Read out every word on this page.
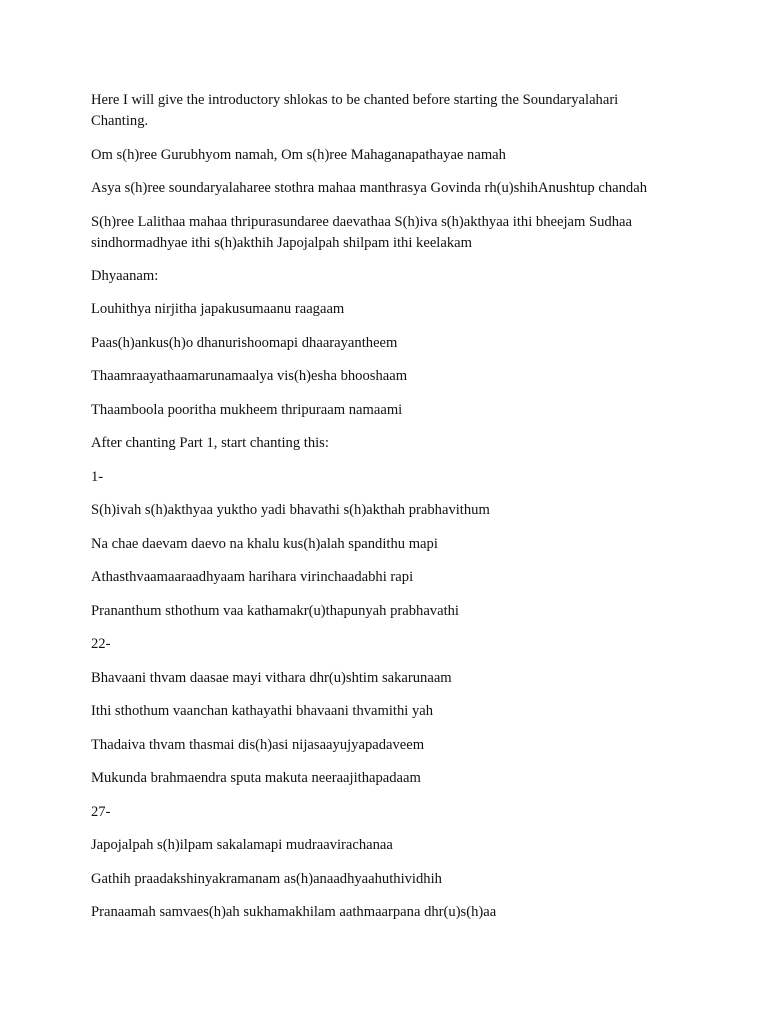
Here I will give the introductory shlokas to be chanted before starting the Soundaryalahari Chanting.

Om s(h)ree Gurubhyom namah, Om s(h)ree Mahaganapathayae namah

Asya s(h)ree soundaryalaharee stothra mahaa manthrasya Govinda rh(u)shihAnushtup chandah

S(h)ree Lalithaa mahaa thripurasundaree daevathaa S(h)iva s(h)akthyaa ithi bheejam Sudhaa sindhormadhyae ithi s(h)akthih Japojalpah shilpam ithi keelakam

Dhyaanam:

Louhithya nirjitha japakusumaanu raagaam

Paas(h)ankus(h)o dhanurishoomapi dhaarayantheem

Thaamraayathaamarunamaalya vis(h)esha bhooshaam

Thaamboola pooritha mukheem thripuraam namaami

After chanting Part 1, start chanting this:

1-

S(h)ivah s(h)akthyaa yuktho yadi bhavathi s(h)akthah prabhavithum

Na chae daevam daevo na khalu kus(h)alah spandithu mapi

Athasthvaamaaraadhyaam harihara virinchaadabhi rapi

Prananthum sthothum vaa kathamakr(u)thapunyah prabhavathi

22-

Bhavaani thvam daasae mayi vithara dhr(u)shtim sakarunaam

Ithi sthothum vaanchan kathayathi bhavaani thvamithi yah

Thadaiva thvam thasmai dis(h)asi nijasaayujyapadaveem

Mukunda brahmaendra sputa makuta neeraajithapadaam

27-

Japojalpah s(h)ilpam sakalamapi mudraavirachanaa

Gathih praadakshinyakramanam as(h)anaadhyaahuthividhih

Pranaamah samvaes(h)ah sukhamakhilam aathmaarpana dhr(u)s(h)aa
